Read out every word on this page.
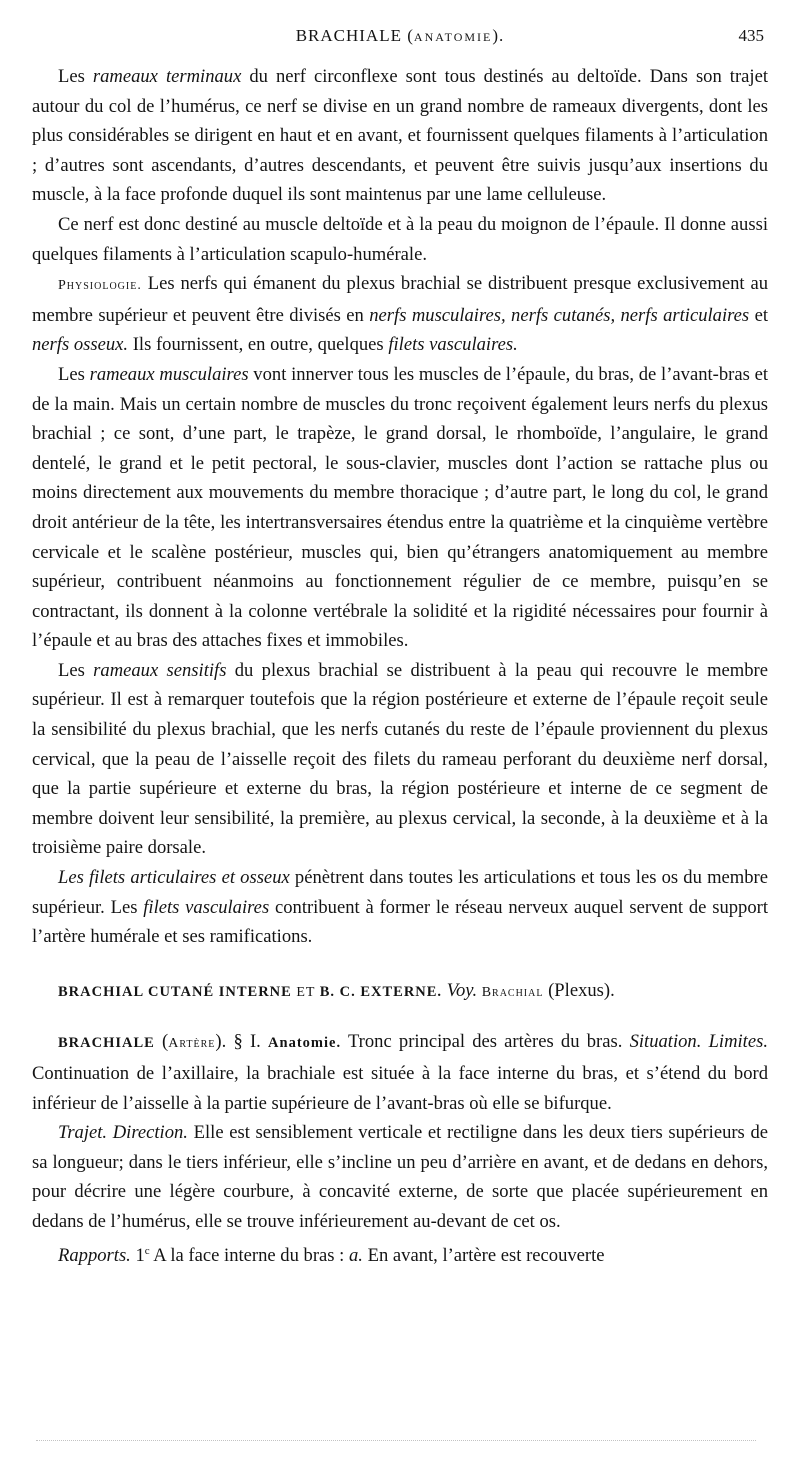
BRACHIALE (ANATOMIE).	435

Les rameaux terminaux du nerf circonflexe sont tous destinés au deltoïde. Dans son trajet autour du col de l’humérus, ce nerf se divise en un grand nombre de rameaux divergents, dont les plus considérables se dirigent en haut et en avant, et fournissent quelques filaments à l’articulation ; d’autres sont ascendants, d’autres descendants, et peuvent être suivis jusqu’aux insertions du muscle, à la face profonde duquel ils sont maintenus par une lame celluleuse.

Ce nerf est donc destiné au muscle deltoïde et à la peau du moignon de l’épaule. Il donne aussi quelques filaments à l’articulation scapulo-humérale.

Physiologie. Les nerfs qui émanent du plexus brachial se distribuent presque exclusivement au membre supérieur et peuvent être divisés en nerfs musculaires, nerfs cutanés, nerfs articulaires et nerfs osseux. Ils fournissent, en outre, quelques filets vasculaires.

Les rameaux musculaires vont innerver tous les muscles de l’épaule, du bras, de l’avant-bras et de la main. Mais un certain nombre de muscles du tronc reçoivent également leurs nerfs du plexus brachial ; ce sont, d’une part, le trapèze, le grand dorsal, le rhomboïde, l’angulaire, le grand dentelé, le grand et le petit pectoral, le sous-clavier, muscles dont l’action se rattache plus ou moins directement aux mouvements du membre thoracique ; d’autre part, le long du col, le grand droit antérieur de la tête, les intertransversaires étendus entre la quatrième et la cinquième vertèbre cervicale et le scalène postérieur, muscles qui, bien qu’étrangers anatomiquement au membre supérieur, contribuent néanmoins au fonctionnement régulier de ce membre, puisqu’en se contractant, ils donnent à la colonne vertébrale la solidité et la rigidité nécessaires pour fournir à l’épaule et au bras des attaches fixes et immobiles.

Les rameaux sensitifs du plexus brachial se distribuent à la peau qui recouvre le membre supérieur. Il est à remarquer toutefois que la région postérieure et externe de l’épaule reçoit seule la sensibilité du plexus brachial, que les nerfs cutanés du reste de l’épaule proviennent du plexus cervical, que la peau de l’aisselle reçoit des filets du rameau perforant du deuxième nerf dorsal, que la partie supérieure et externe du bras, la région postérieure et interne de ce segment de membre doivent leur sensibilité, la première, au plexus cervical, la seconde, à la deuxième et à la troisième paire dorsale.

Les filets articulaires et osseux pénètrent dans toutes les articulations et tous les os du membre supérieur. Les filets vasculaires contribuent à former le réseau nerveux auquel servent de support l’artère humérale et ses ramifications.

BRACHIAL CUTANÉ INTERNE ET B. C. EXTERNE. Voy. Brachial (Plexus).

BRACHIALE (Artère). § I. Anatomie. Tronc principal des artères du bras. Situation. Limites. Continuation de l’axillaire, la brachiale est située à la face interne du bras, et s’étend du bord inférieur de l’aisselle à la partie supérieure de l’avant-bras où elle se bifurque.

Trajet. Direction. Elle est sensiblement verticale et rectiligne dans les deux tiers supérieurs de sa longueur; dans le tiers inférieur, elle s’incline un peu d’arrière en avant, et de dedans en dehors, pour décrire une légère courbure, à concavité externe, de sorte que placée supérieurement en dedans de l’humérus, elle se trouve inférieurement au-devant de cet os.

Rapports. 1$^c$ A la face interne du bras : a. En avant, l’artère est recouverte
